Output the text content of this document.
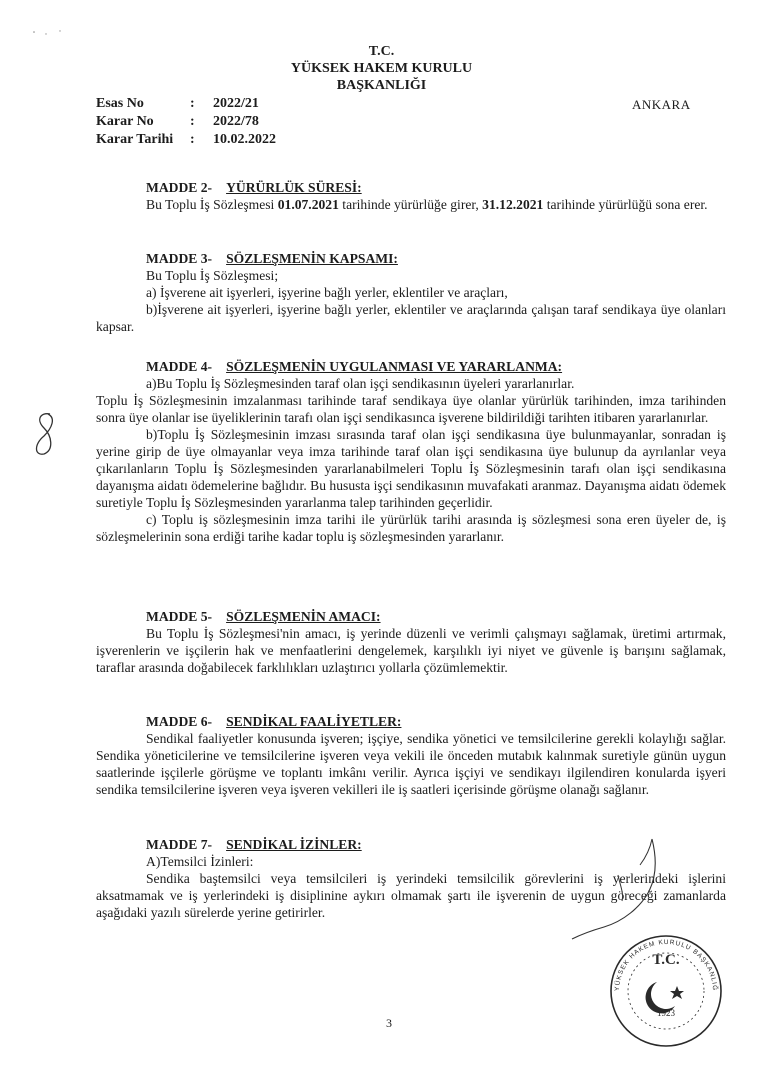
T.C.
YÜKSEK HAKEM KURULU
BAŞKANLIĞI
Esas No	: 2022/21
Karar No	: 2022/78
Karar Tarihi : 10.02.2022
ANKARA

MADDE 2- YÜRÜRLÜK SÜRESİ:

Bu Toplu İş Sözleşmesi 01.07.2021 tarihinde yürürlüğe girer, 31.12.2021 tarihinde yürürlüğü sona erer.

MADDE 3- SÖZLEŞMENİN KAPSAMI:

Bu Toplu İş Sözleşmesi;

a) İşverene ait işyerleri, işyerine bağlı yerler, eklentiler ve araçları,

b)İşverene ait işyerleri, işyerine bağlı yerler, eklentiler ve araçlarında çalışan taraf sendikaya üye olanları kapsar.

MADDE 4- SÖZLEŞMENİN UYGULANMASI VE YARARLANMA:

a)Bu Toplu İş Sözleşmesinden taraf olan işçi sendikasının üyeleri yararlanırlar.

Toplu İş Sözleşmesinin imzalanması tarihinde taraf sendikaya üye olanlar yürürlük tarihinden, imza tarihinden sonra üye olanlar ise üyeliklerinin tarafı olan işçi sendikasınca işverene bildirildiği tarihten itibaren yararlanırlar.

b)Toplu İş Sözleşmesinin imzası sırasında taraf olan işçi sendikasına üye bulunmayanlar, sonradan iş yerine girip de üye olmayanlar veya imza tarihinde taraf olan işçi sendikasına üye bulunup da ayrılanlar veya çıkarılanların Toplu İş Sözleşmesinden yararlanabilmeleri Toplu İş Sözleşmesinin tarafı olan işçi sendikasına dayanışma aidatı ödemelerine bağlıdır. Bu hususta işçi sendikasının muvafakati aranmaz. Dayanışma aidatı ödemek suretiyle Toplu İş Sözleşmesinden yararlanma talep tarihinden geçerlidir.

c) Toplu iş sözleşmesinin imza tarihi ile yürürlük tarihi arasında iş sözleşmesi sona eren üyeler de, iş sözleşmelerinin sona erdiği tarihe kadar toplu iş sözleşmesinden yararlanır.

MADDE 5- SÖZLEŞMENİN AMACI:

Bu Toplu İş Sözleşmesi'nin amacı, iş yerinde düzenli ve verimli çalışmayı sağlamak, üretimi artırmak, işverenlerin ve işçilerin hak ve menfaatlerini dengelemek, karşılıklı iyi niyet ve güvenle iş barışını sağlamak, taraflar arasında doğabilecek farklılıkları uzlaştırıcı yollarla çözümlemektir.

MADDE 6- SENDİKAL FAALİYETLER:

Sendikal faaliyetler konusunda işveren; işçiye, sendika yönetici ve temsilcilerine gerekli kolaylığı sağlar. Sendika yöneticilerine ve temsilcilerine işveren veya vekili ile önceden mutabık kalınmak suretiyle günün uygun saatlerinde işçilerle görüşme ve toplantı imkânı verilir. Ayrıca işçiyi ve sendikayı ilgilendiren konularda işyeri sendika temsilcilerine işveren veya işveren vekilleri ile iş saatleri içerisinde görüşme olanağı sağlanır.

MADDE 7- SENDİKAL İZİNLER:

A)Temsilci İzinleri:

Sendika baştemsilci veya temsilcileri iş yerindeki temsilcilik görevlerini iş yerlerindeki işlerini aksatmamak ve iş yerlerindeki iş disiplinine aykırı olmamak şartı ile işverenin de uygun göreceği zamanlarda aşağıdaki yazılı sürelerde yerine getirirler.

T.C.
1923
YÜKSEK HAKEM KURULU BAŞKANLIĞ
3
